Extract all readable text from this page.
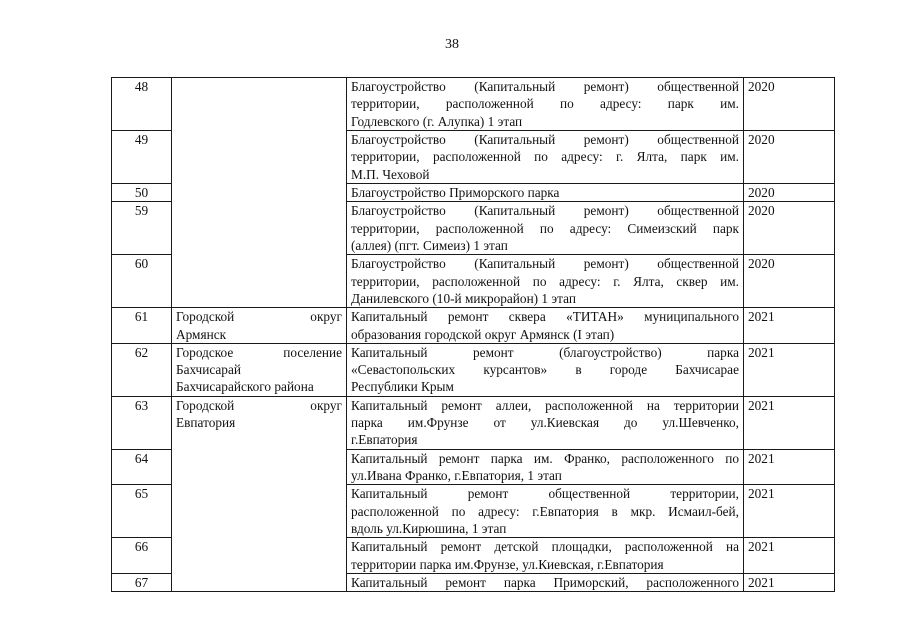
38
48		Благоустройство (Капитальный ремонт) общественной
территории, расположенной по адресу: парк им.
Годлевского (г. Алупка) 1 этап	2020
49		Благоустройство (Капитальный ремонт) общественной
территории, расположенной по адресу: г. Ялта, парк им.
М.П. Чеховой	2020
50		Благоустройство Приморского парка	2020
59		Благоустройство (Капитальный ремонт) общественной
территории, расположенной по адресу: Симеизский парк
(аллея) (пгт. Симеиз) 1 этап	2020
60		Благоустройство (Капитальный ремонт) общественной
территории, расположенной по адресу: г. Ялта, сквер им.
Данилевского (10-й микрорайон) 1 этап	2020
61	Городской округ
Армянск	Капитальный ремонт сквера «ТИТАН» муниципального
образования городской округ Армянск (I этап)	2021
62	Городское поселение
Бахчисарай
Бахчисарайского района	Капитальный ремонт (благоустройство) парка
«Севастопольских курсантов» в городе Бахчисарае
Республики Крым	2021
63	Городской округ
Евпатория	Капитальный ремонт аллеи, расположенной на территории
парка им.Фрунзе от ул.Киевская до ул.Шевченко,
г.Евпатория	2021
64		Капитальный ремонт парка им. Франко, расположенного по
ул.Ивана Франко, г.Евпатория, 1 этап	2021
65		Капитальный ремонт общественной территории,
расположенной по адресу: г.Евпатория в мкр. Исмаил-бей,
вдоль ул.Кирюшина, 1 этап	2021
66		Капитальный ремонт детской площадки, расположенной на
территории парка им.Фрунзе, ул.Киевская, г.Евпатория	2021
67		Капитальный ремонт парка Приморский, расположенного	2021
